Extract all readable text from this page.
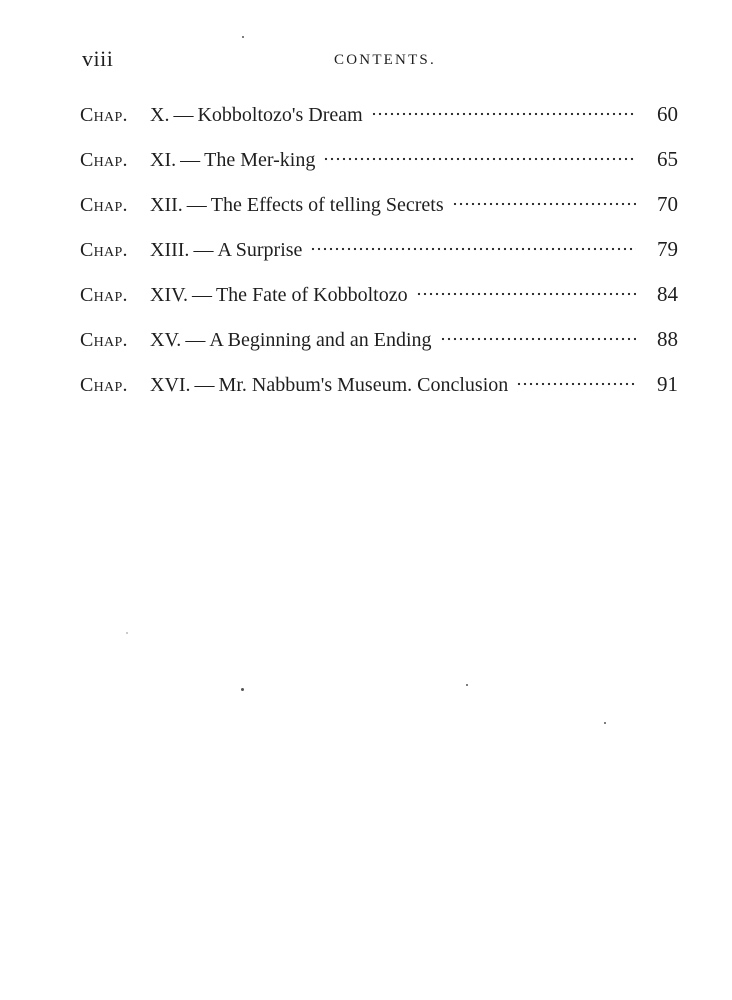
viii	CONTENTS.
Chap.	X. — Kobboltozo's Dream	60
Chap.	XI. — The Mer-king	65
Chap.	XII. — The Effects of telling Secrets	70
Chap.	XIII. — A Surprise	79
Chap.	XIV. — The Fate of Kobboltozo	84
Chap.	XV. — A Beginning and an Ending	88
Chap.	XVI. — Mr. Nabbum's Museum. Conclusion	91
